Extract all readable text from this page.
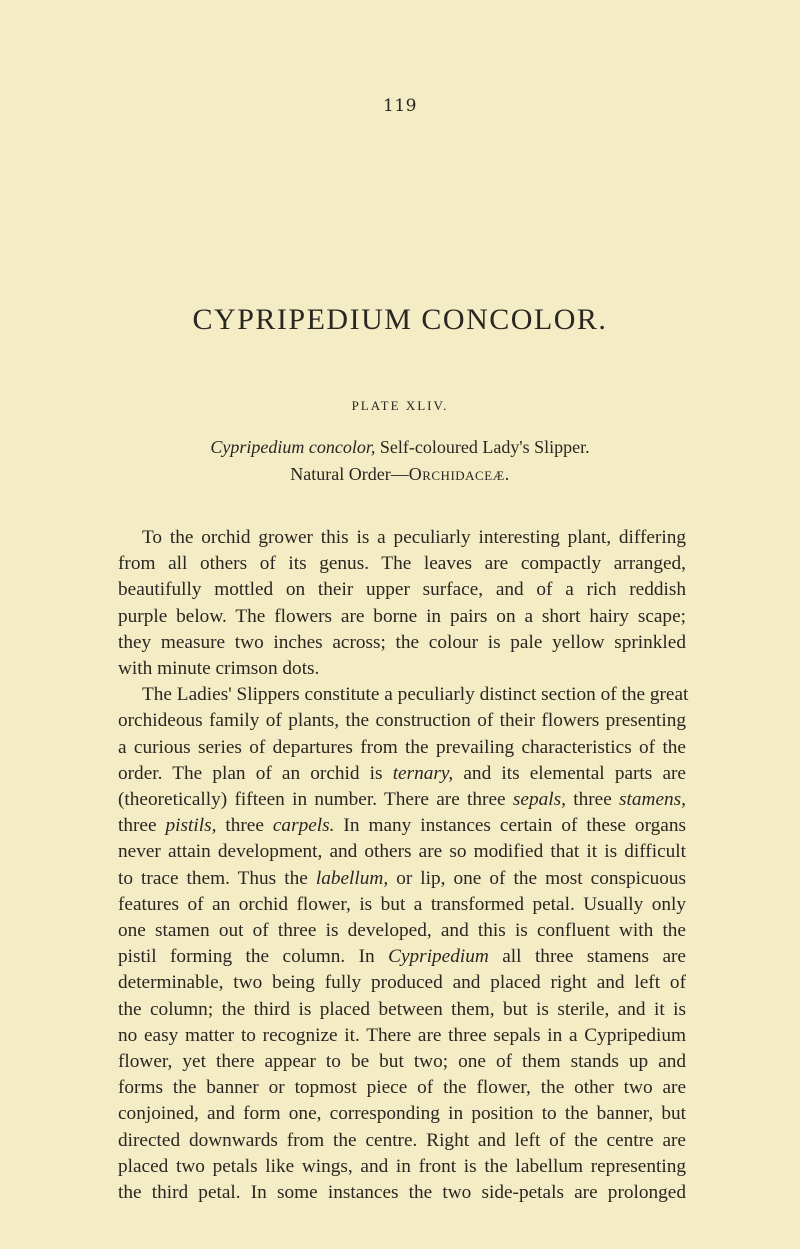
119
CYPRIPEDIUM CONCOLOR.
PLATE XLIV.
Cypripedium concolor, Self-coloured Lady's Slipper.
Natural Order—Orchidaceæ.
To the orchid grower this is a peculiarly interesting plant, differing
from all others of its genus. The leaves are compactly arranged,
beautifully mottled on their upper surface, and of a rich reddish
purple below. The flowers are borne in pairs on a short hairy scape;
they measure two inches across; the colour is pale yellow sprinkled
with minute crimson dots.
The Ladies' Slippers constitute a peculiarly distinct section of the great
orchideous family of plants, the construction of their flowers presenting
a curious series of departures from the prevailing characteristics of the
order. The plan of an orchid is ternary, and its elemental parts are
(theoretically) fifteen in number. There are three sepals, three stamens,
three pistils, three carpels. In many instances certain of these organs
never attain development, and others are so modified that it is difficult
to trace them. Thus the labellum, or lip, one of the most conspicuous
features of an orchid flower, is but a transformed petal. Usually only
one stamen out of three is developed, and this is confluent with the
pistil forming the column. In Cypripedium all three stamens are
determinable, two being fully produced and placed right and left of
the column; the third is placed between them, but is sterile, and it is
no easy matter to recognize it. There are three sepals in a Cypripedium
flower, yet there appear to be but two; one of them stands up and
forms the banner or topmost piece of the flower, the other two are
conjoined, and form one, corresponding in position to the banner, but
directed downwards from the centre. Right and left of the centre are
placed two petals like wings, and in front is the labellum representing
the third petal. In some instances the two side-petals are prolonged
